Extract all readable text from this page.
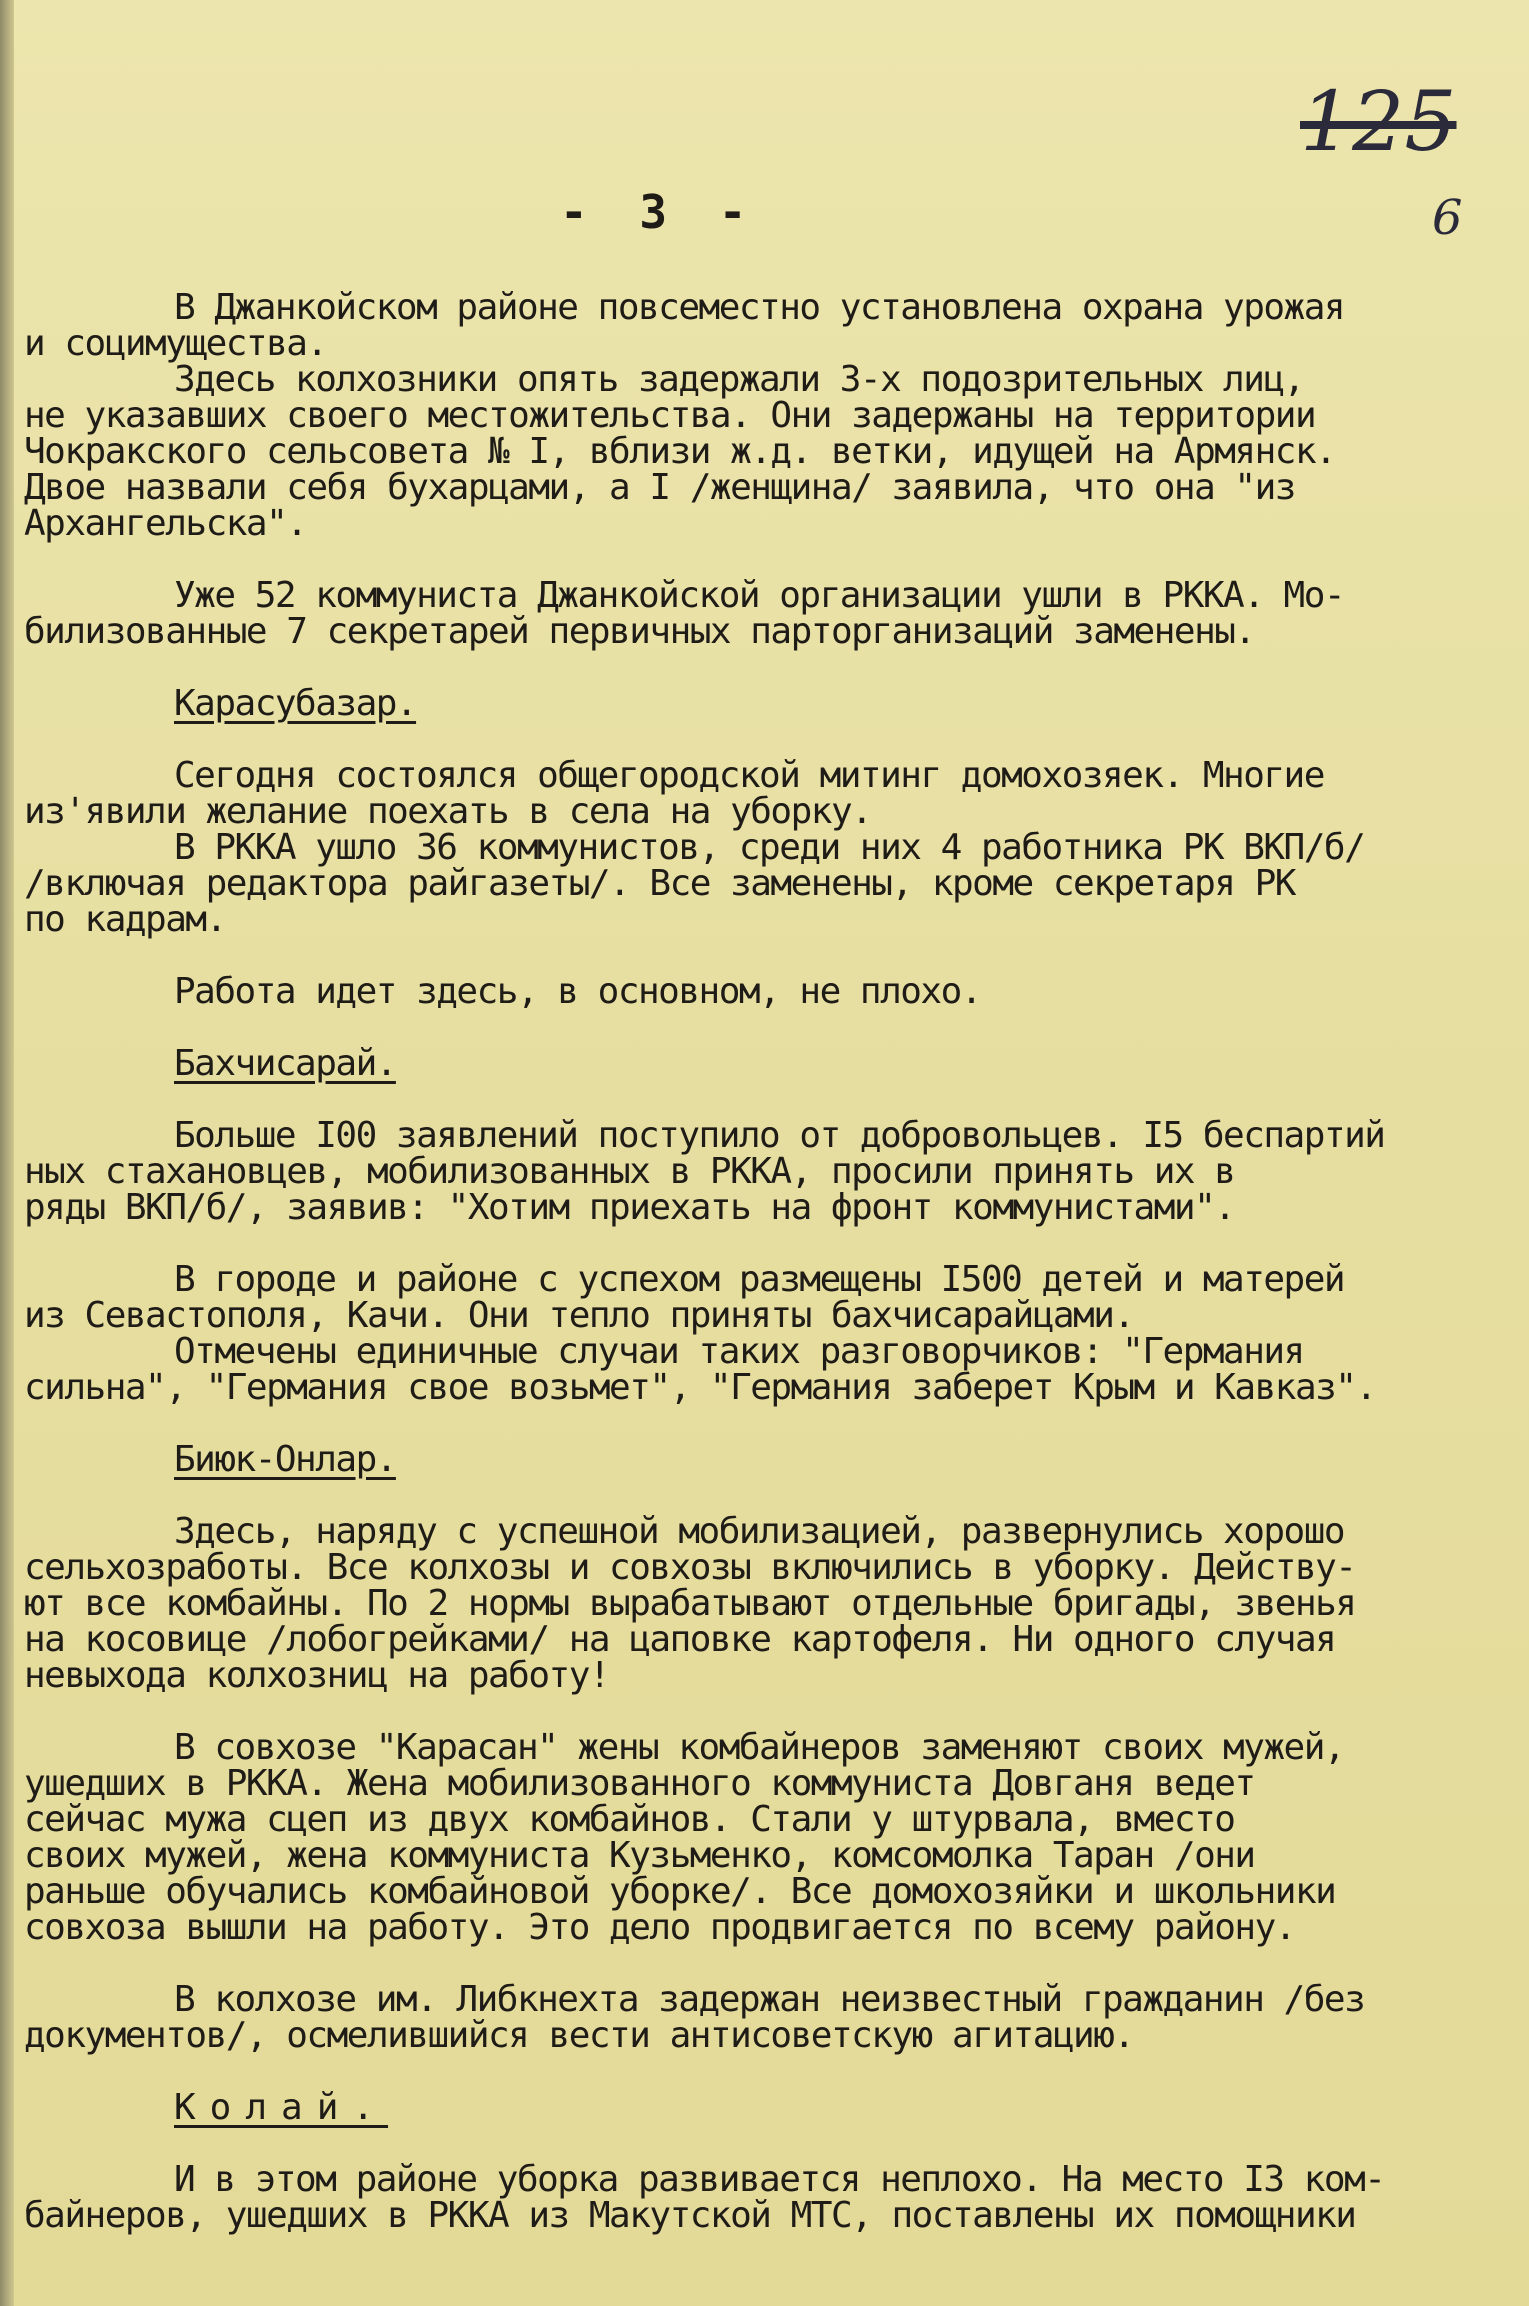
125
6
- 3 -
В Джанкойском районе повсеместно установлена охрана урожая
и социмущества.
Здесь колхозники опять задержали 3-х подозрительных лиц,
не указавших своего местожительства. Они задержаны на территории
Чокракского сельсовета № I, вблизи ж.д. ветки, идущей на Армянск.
Двое назвали себя бухарцами, а I /женщина/ заявила, что она "из
Архангельска".
Уже 52 коммуниста Джанкойской организации ушли в РККА. Мо-
билизованные 7 секретарей первичных парторганизаций заменены.
Карасубазар.
Сегодня состоялся общегородской митинг домохозяек. Многие
из'явили желание поехать в села на уборку.
В РККА ушло 36 коммунистов, среди них 4 работника РК ВКП/б/
/включая редактора райгазеты/. Все заменены, кроме секретаря РК
по кадрам.
Работа идет здесь, в основном, не плохо.
Бахчисарай.
Больше I00 заявлений поступило от добровольцев. I5 беспартий
ных стахановцев, мобилизованных в РККА, просили принять их в
ряды ВКП/б/, заявив: "Хотим приехать на фронт коммунистами".
В городе и районе с успехом размещены I500 детей и матерей
из Севастополя, Качи. Они тепло приняты бахчисарайцами.
Отмечены единичные случаи таких разговорчиков: "Германия
сильна", "Германия свое возьмет", "Германия заберет Крым и Кавказ".
Биюк-Онлар.
Здесь, наряду с успешной мобилизацией, развернулись хорошо
сельхозработы. Все колхозы и совхозы включились в уборку. Действу-
ют все комбайны. По 2 нормы вырабатывают отдельные бригады, звенья
на косовице /лобогрейками/ на цаповке картофеля. Ни одного случая
невыхода колхозниц на работу!
В совхозе "Карасан" жены комбайнеров заменяют своих мужей,
ушедших в РККА. Жена мобилизованного коммуниста Довганя ведет
сейчас мужа сцеп из двух комбайнов. Стали у штурвала, вместо
своих мужей, жена коммуниста Кузьменко, комсомолка Таран /они
раньше обучались комбайновой уборке/. Все домохозяйки и школьники
совхоза вышли на работу. Это дело продвигается по всему району.
В колхозе им. Либкнехта задержан неизвестный гражданин /без
документов/, осмелившийся вести антисоветскую агитацию.
Колай.
И в этом районе уборка развивается неплохо. На место I3 ком-
байнеров, ушедших в РККА из Макутской МТС, поставлены их помощники
